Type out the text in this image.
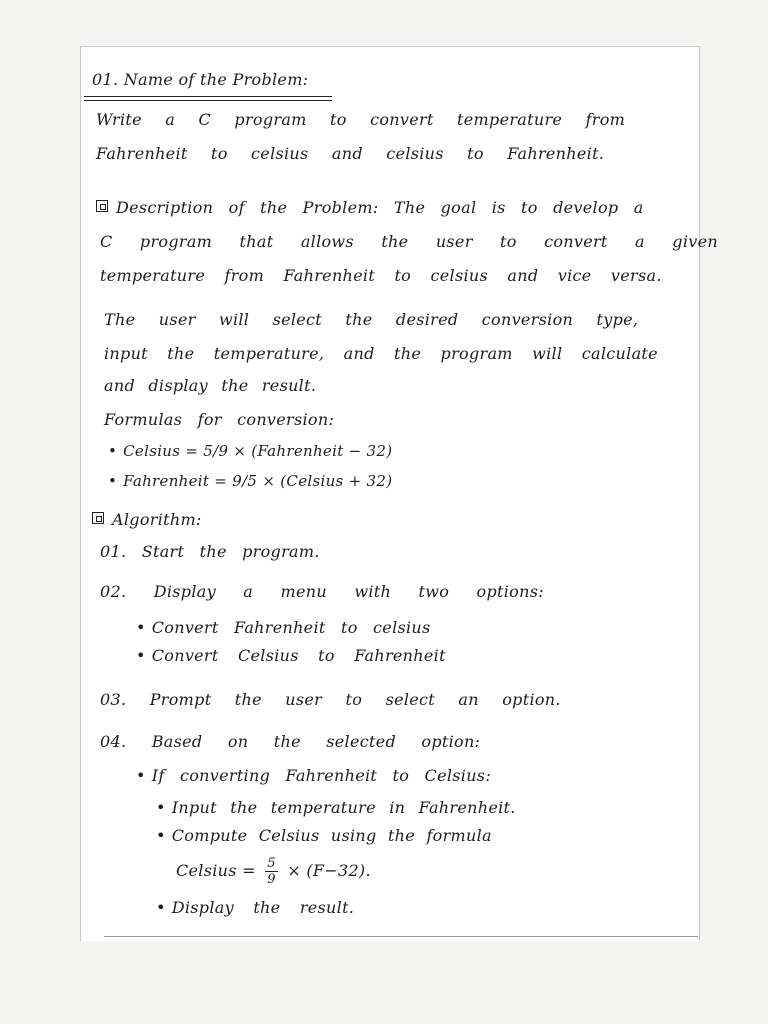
01. Name of the Problem:
Write a C program to convert temperature from
Fahrenheit to celsius and celsius to Fahrenheit.
Description of the Problem: The goal is to develop a
C program that allows the user to convert a given
temperature from Fahrenheit to celsius and vice versa.
The user will select the desired conversion type,
input the temperature, and the program will calculate
and display the result.
Formulas for conversion:
• Celsius = 5/9 × (Fahrenheit − 32)
• Fahrenheit = 9/5 × (Celsius + 32)
Algorithm:
01. Start the program.
02. Display a menu with two options:
• Convert Fahrenheit to celsius
• Convert Celsius to Fahrenheit
03. Prompt the user to select an option.
04. Based on the selected option:
• If converting Fahrenheit to Celsius:
• Input the temperature in Fahrenheit.
• Compute Celsius using the formula
Celsius = $\frac{5}{9} \times (F-32)$.
• Display the result.
